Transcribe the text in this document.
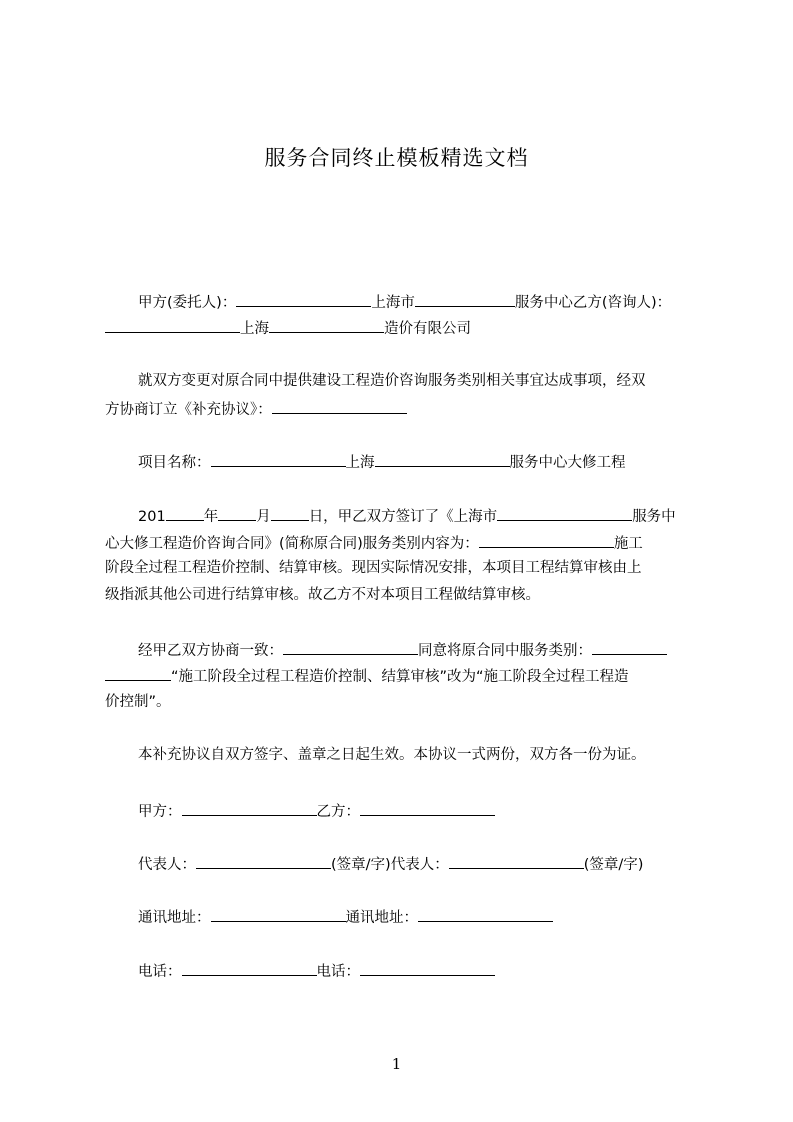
服务合同终止模板精选文档
甲方(委托人)：	上海市	服务中心乙方(咨询人)：
上海	造价有限公司
就双方变更对原合同中提供建设工程造价咨询服务类别相关事宜达成事项，经双
方协商订立《补充协议》：
项目名称：	上海	服务中心大修工程
201	年	月	日，甲乙双方签订了《上海市	服务中
心大修工程造价咨询合同》(简称原合同)服务类别内容为：	施工
阶段全过程工程造价控制、结算审核。现因实际情况安排，本项目工程结算审核由上
级指派其他公司进行结算审核。故乙方不对本项目工程做结算审核。
经甲乙双方协商一致：	同意将原合同中服务类别：
“施工阶段全过程工程造价控制、结算审核”改为“施工阶段全过程工程造
价控制”。
本补充协议自双方签字、盖章之日起生效。本协议一式两份，双方各一份为证。
甲方：	乙方：
代表人：	(签章/字)代表人：	(签章/字)
通讯地址：	通讯地址：
电话：	电话：
1
